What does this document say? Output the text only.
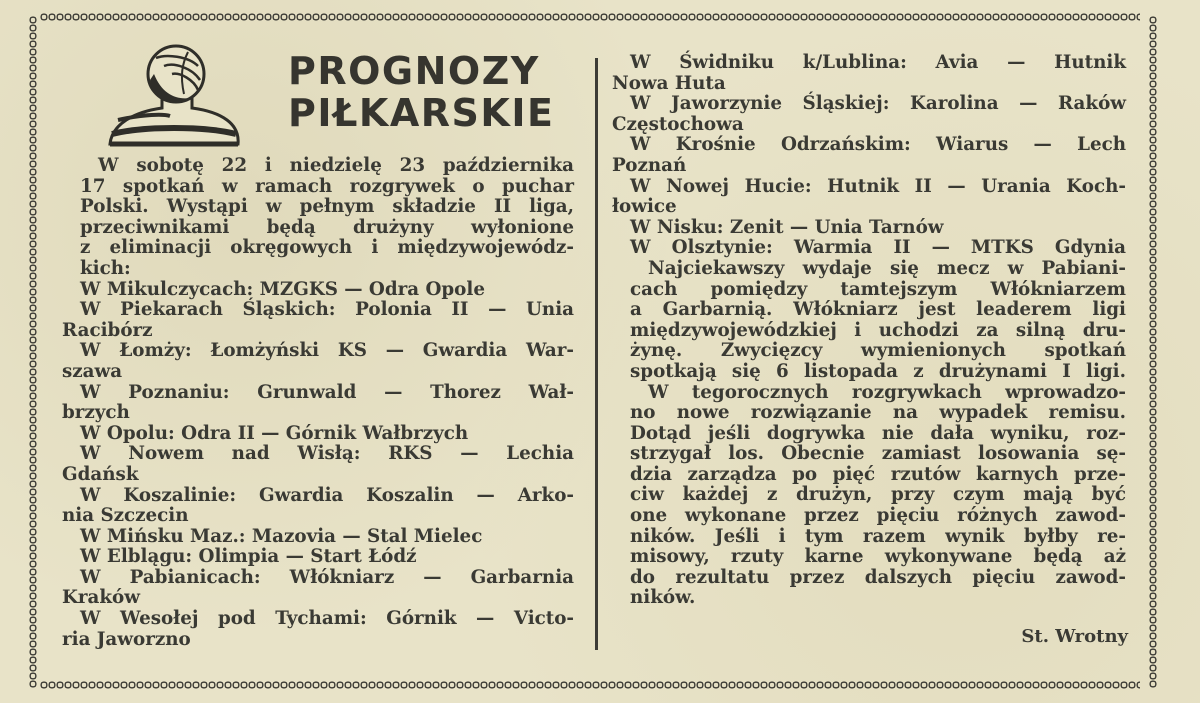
PROGNOZY
PIŁKARSKIE
W sobotę 22 i niedzielę 23 października
17 spotkań w ramach rozgrywek o puchar
Polski. Wystąpi w pełnym składzie II liga,
przeciwnikami będą drużyny wyłonione
z eliminacji okręgowych i międzywojewódz-
kich:
W Mikulczycach: MZGKS — Odra Opole
W Piekarach Śląskich: Polonia II — Unia
Racibórz
W Łomży: Łomżyński KS — Gwardia War-
szawa
W Poznaniu: Grunwald — Thorez Wał-
brzych
W Opolu: Odra II — Górnik Wałbrzych
W Nowem nad Wisłą: RKS — Lechia
Gdańsk
W Koszalinie: Gwardia Koszalin — Arko-
nia Szczecin
W Mińsku Maz.: Mazovia — Stal Mielec
W Elblągu: Olimpia — Start Łódź
W Pabianicach: Włókniarz — Garbarnia
Kraków
W Wesołej pod Tychami: Górnik — Victo-
ria Jaworzno
W Świdniku k/Lublina: Avia — Hutnik
Nowa Huta
W Jaworzynie Śląskiej: Karolina — Raków
Częstochowa
W Krośnie Odrzańskim: Wiarus — Lech
Poznań
W Nowej Hucie: Hutnik II — Urania Koch-
łowice
W Nisku: Zenit — Unia Tarnów
W Olsztynie: Warmia II — MTKS Gdynia
Najciekawszy wydaje się mecz w Pabiani-
cach pomiędzy tamtejszym Włókniarzem
a Garbarnią. Włókniarz jest leaderem ligi
międzywojewódzkiej i uchodzi za silną dru-
żynę. Zwycięzcy wymienionych spotkań
spotkają się 6 listopada z drużynami I ligi.
W tegorocznych rozgrywkach wprowadzo-
no nowe rozwiązanie na wypadek remisu.
Dotąd jeśli dogrywka nie dała wyniku, roz-
strzygał los. Obecnie zamiast losowania sę-
dzia zarządza po pięć rzutów karnych prze-
ciw każdej z drużyn, przy czym mają być
one wykonane przez pięciu różnych zawod-
ników. Jeśli i tym razem wynik byłby re-
misowy, rzuty karne wykonywane będą aż
do rezultatu przez dalszych pięciu zawod-
ników.
St. Wrotny
